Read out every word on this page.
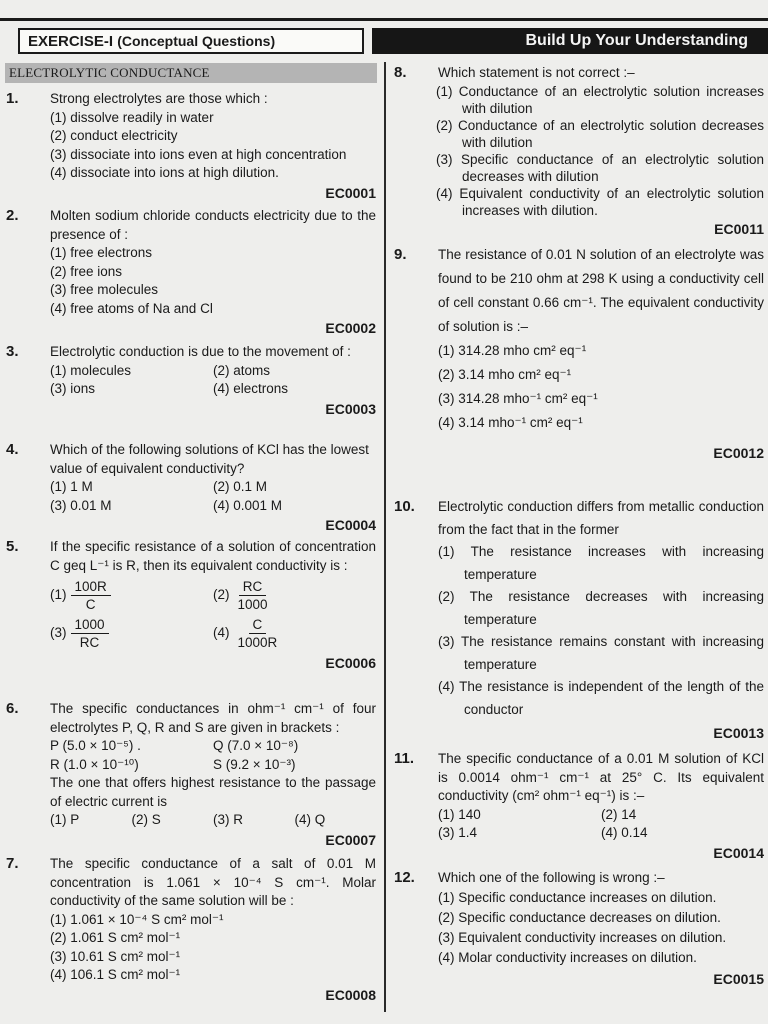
EXERCISE-I (Conceptual Questions)	Build Up Your Understanding
ELECTROLYTIC CONDUCTANCE
1. Strong electrolytes are those which :
(1) dissolve readily in water
(2) conduct electricity
(3) dissociate into ions even at high concentration
(4) dissociate into ions at high dilution.
EC0001
2. Molten sodium chloride conducts electricity due to the presence of :
(1) free electrons
(2) free ions
(3) free molecules
(4) free atoms of Na and Cl
EC0002
3. Electrolytic conduction is due to the movement of :
(1) molecules	(2) atoms
(3) ions	(4) electrons
EC0003
4. Which of the following solutions of KCl has the lowest value of equivalent conductivity?
(1) 1 M	(2) 0.1 M
(3) 0.01 M	(4) 0.001 M
EC0004
5. If the specific resistance of a solution of concentration C geq L⁻¹ is R, then its equivalent conductivity is :
$(1) \frac{100R}{C}$	$(2) \frac{RC}{1000}$
$(3) \frac{1000}{RC}$	$(4) \frac{C}{1000R}$
EC0006
6. The specific conductances in ohm⁻¹ cm⁻¹ of four electrolytes P, Q, R and S are given in brackets :
P (5.0 × 10⁻⁵) .	Q (7.0 × 10⁻⁸)
R (1.0 × 10⁻¹⁰)	S (9.2 × 10⁻³)
The one that offers highest resistance to the passage of electric current is
(1) P	(2) S	(3) R	(4) Q
EC0007
7. The specific conductance of a salt of 0.01 M concentration is 1.061 × 10⁻⁴ S cm⁻¹. Molar conductivity of the same solution will be :
(1) 1.061 × 10⁻⁴ S cm² mol⁻¹
(2) 1.061 S cm² mol⁻¹
(3) 10.61 S cm² mol⁻¹
(4) 106.1 S cm² mol⁻¹
EC0008
8. Which statement is not correct :–
(1) Conductance of an electrolytic solution increases with dilution
(2) Conductance of an electrolytic solution decreases with dilution
(3) Specific conductance of an electrolytic solution decreases with dilution
(4) Equivalent conductivity of an electrolytic solution increases with dilution.
EC0011
9. The resistance of 0.01 N solution of an electrolyte was found to be 210 ohm at 298 K using a conductivity cell of cell constant 0.66 cm⁻¹. The equivalent conductivity of solution is :–
(1) 314.28 mho cm² eq⁻¹
(2) 3.14 mho cm² eq⁻¹
(3) 314.28 mho⁻¹ cm² eq⁻¹
(4) 3.14 mho⁻¹ cm² eq⁻¹
EC0012
10. Electrolytic conduction differs from metallic conduction from the fact that in the former
(1) The resistance increases with increasing temperature
(2) The resistance decreases with increasing temperature
(3) The resistance remains constant with increasing temperature
(4) The resistance is independent of the length of the conductor
EC0013
11. The specific conductance of a 0.01 M solution of KCl is 0.0014 ohm⁻¹ cm⁻¹ at 25° C. Its equivalent conductivity (cm² ohm⁻¹ eq⁻¹) is :–
(1) 140	(2) 14
(3) 1.4	(4) 0.14
EC0014
12. Which one of the following is wrong :–
(1) Specific conductance increases on dilution.
(2) Specific conductance decreases on dilution.
(3) Equivalent conductivity increases on dilution.
(4) Molar conductivity increases on dilution.
EC0015
